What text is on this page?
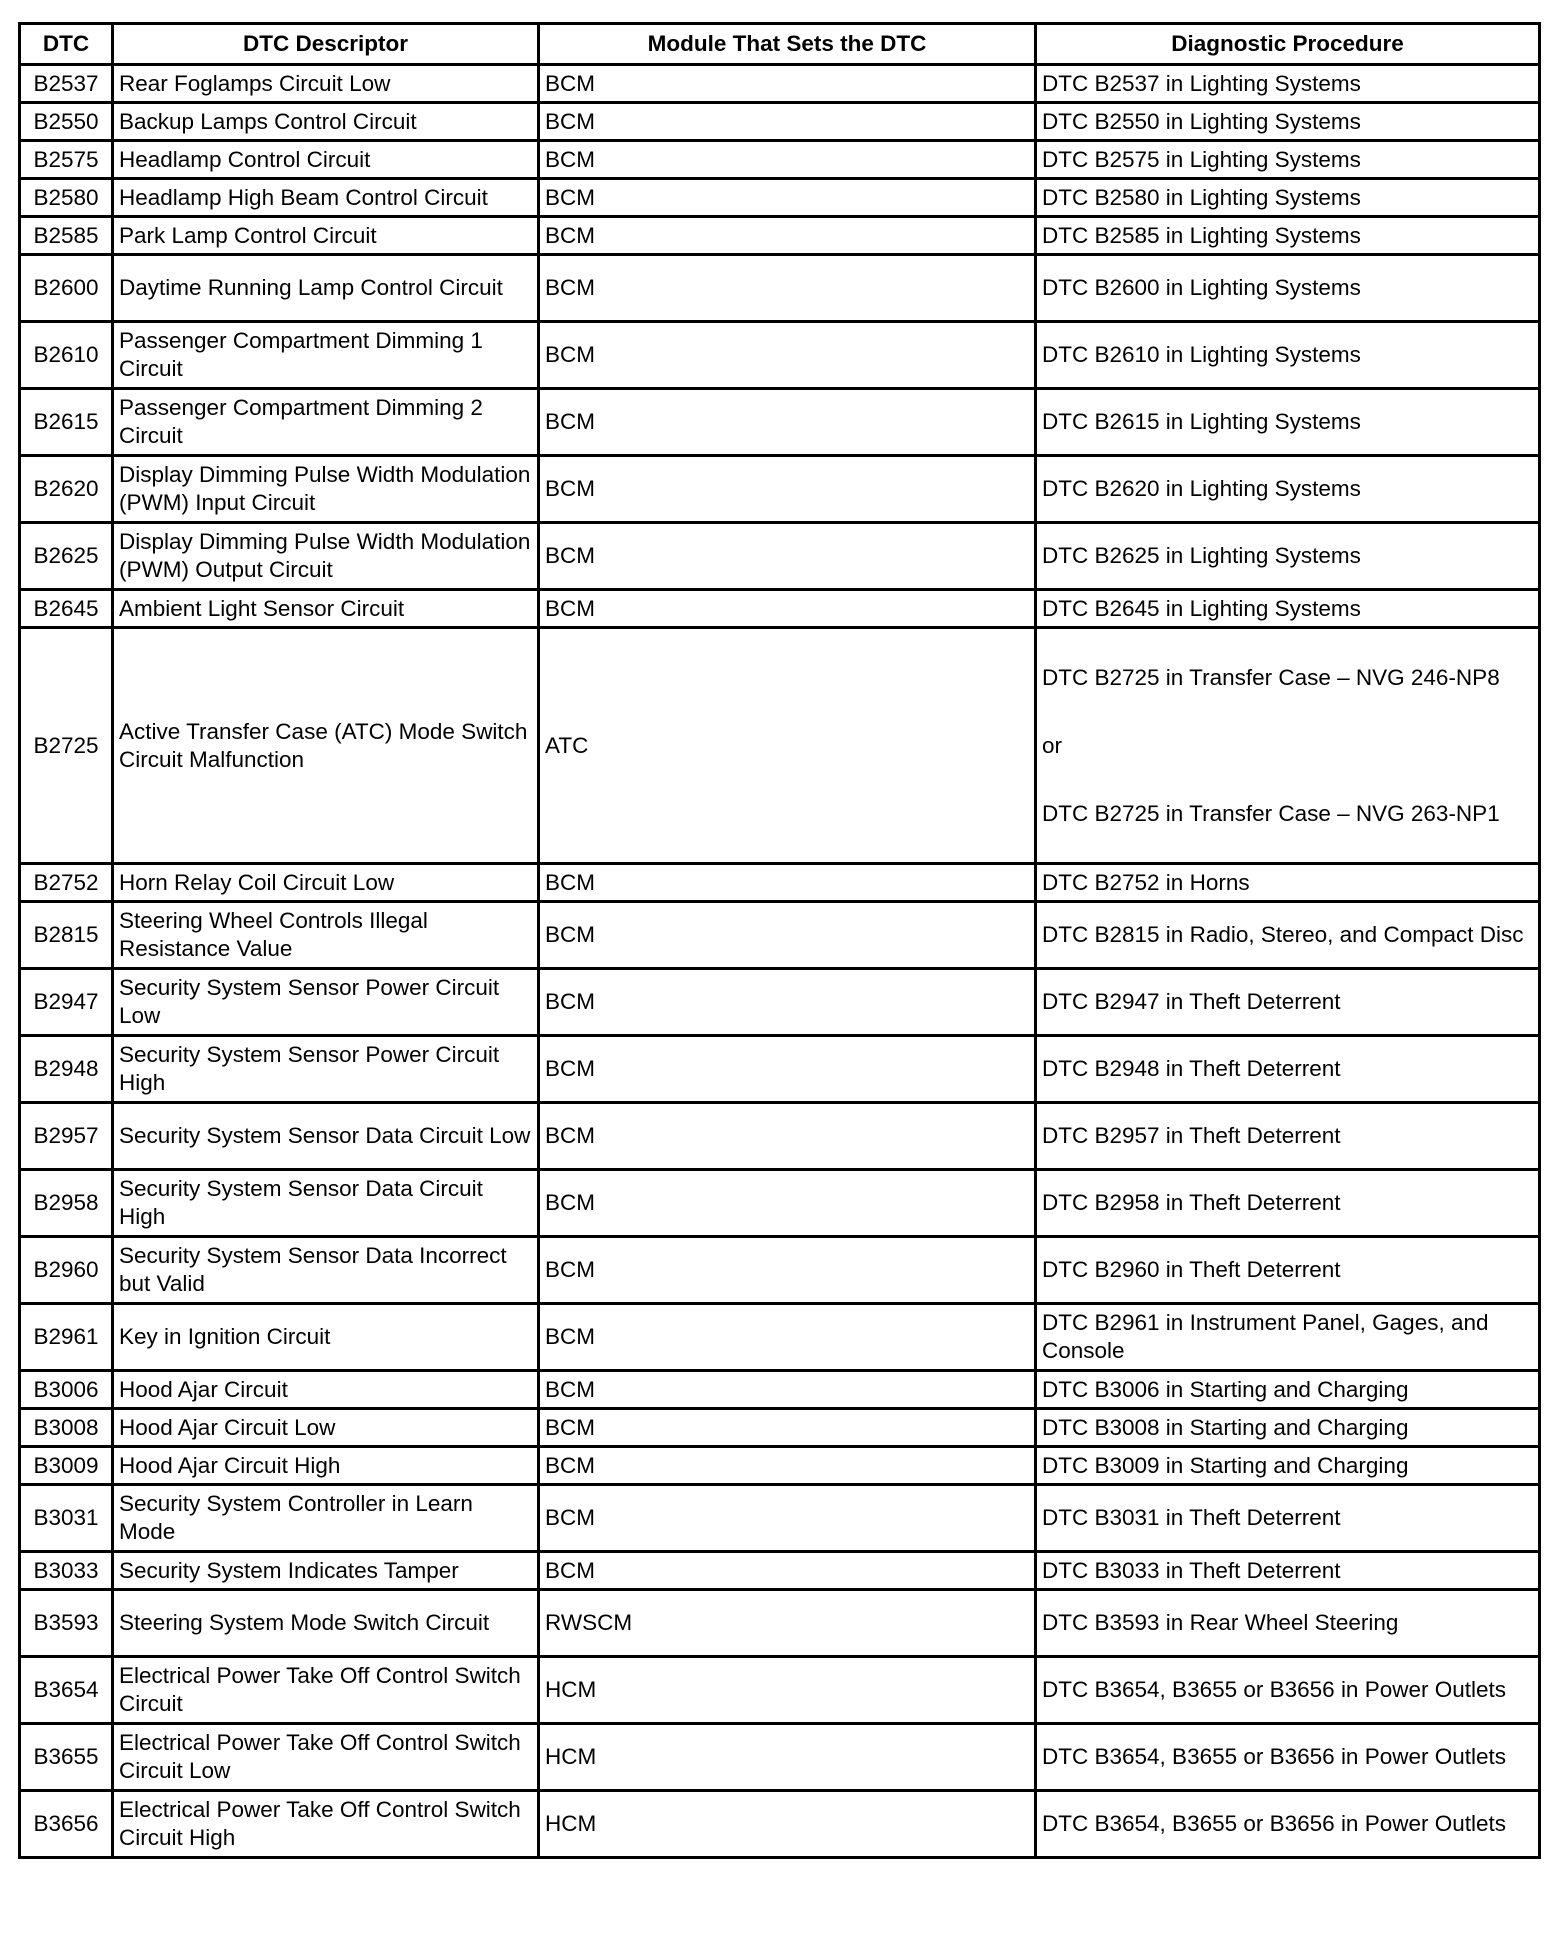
DTC	DTC Descriptor	Module That Sets the DTC	Diagnostic Procedure
B2537	Rear Foglamps Circuit Low	BCM	DTC B2537 in Lighting Systems

B2550	Backup Lamps Control Circuit	BCM	DTC B2550 in Lighting Systems

B2575	Headlamp Control Circuit	BCM	DTC B2575 in Lighting Systems

B2580	Headlamp High Beam Control Circuit	BCM	DTC B2580 in Lighting Systems

B2585	Park Lamp Control Circuit	BCM	DTC B2585 in Lighting Systems

B2600	Daytime Running Lamp Control Circuit	BCM	DTC B2600 in Lighting Systems

B2610	Passenger Compartment Dimming 1 Circuit	BCM	DTC B2610 in Lighting Systems

B2615	Passenger Compartment Dimming 2 Circuit	BCM	DTC B2615 in Lighting Systems

B2620	Display Dimming Pulse Width Modulation (PWM) Input Circuit	BCM	DTC B2620 in Lighting Systems

B2625	Display Dimming Pulse Width Modulation (PWM) Output Circuit	BCM	DTC B2625 in Lighting Systems

B2645	Ambient Light Sensor Circuit	BCM	DTC B2645 in Lighting Systems

B2725	Active Transfer Case (ATC) Mode Switch Circuit Malfunction	ATC	DTC B2725 in Transfer Case – NVG 246-NP8
or
DTC B2725 in Transfer Case – NVG 263-NP1

B2752	Horn Relay Coil Circuit Low	BCM	DTC B2752 in Horns

B2815	Steering Wheel Controls Illegal Resistance Value	BCM	DTC B2815 in Radio, Stereo, and Compact Disc

B2947	Security System Sensor Power Circuit Low	BCM	DTC B2947 in Theft Deterrent

B2948	Security System Sensor Power Circuit High	BCM	DTC B2948 in Theft Deterrent

B2957	Security System Sensor Data Circuit Low	BCM	DTC B2957 in Theft Deterrent

B2958	Security System Sensor Data Circuit High	BCM	DTC B2958 in Theft Deterrent

B2960	Security System Sensor Data Incorrect but Valid	BCM	DTC B2960 in Theft Deterrent

B2961	Key in Ignition Circuit	BCM	DTC B2961 in Instrument Panel, Gages, and Console

B3006	Hood Ajar Circuit	BCM	DTC B3006 in Starting and Charging

B3008	Hood Ajar Circuit Low	BCM	DTC B3008 in Starting and Charging

B3009	Hood Ajar Circuit High	BCM	DTC B3009 in Starting and Charging

B3031	Security System Controller in Learn Mode	BCM	DTC B3031 in Theft Deterrent

B3033	Security System Indicates Tamper	BCM	DTC B3033 in Theft Deterrent

B3593	Steering System Mode Switch Circuit	RWSCM	DTC B3593 in Rear Wheel Steering

B3654	Electrical Power Take Off Control Switch Circuit	HCM	DTC B3654, B3655 or B3656 in Power Outlets

B3655	Electrical Power Take Off Control Switch Circuit Low	HCM	DTC B3654, B3655 or B3656 in Power Outlets

B3656	Electrical Power Take Off Control Switch Circuit High	HCM	DTC B3654, B3655 or B3656 in Power Outlets
